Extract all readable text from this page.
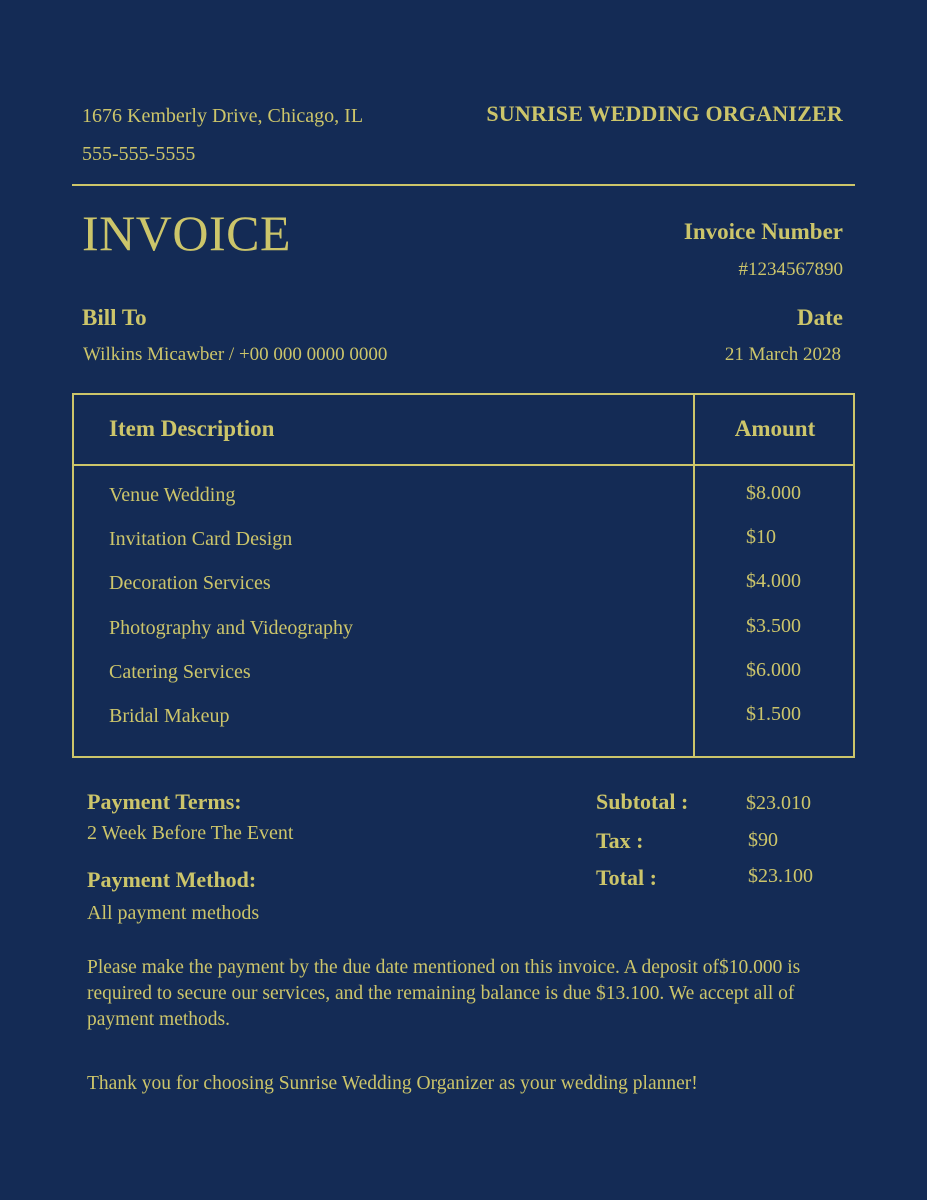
1676 Kemberly Drive, Chicago, IL
555-555-5555
SUNRISE WEDDING ORGANIZER
INVOICE	Invoice Number
#1234567890
Bill To
Wilkins Micawber / +00 000 0000 0000
Date
21 March 2028
Item Description	Amount
Venue Wedding	$8.000
Invitation Card Design	$10
Decoration Services	$4.000
Photography and Videography	$3.500
Catering Services	$6.000
Bridal Makeup	$1.500
Payment Terms:
2 Week Before The Event
Payment Method:
All payment methods
Subtotal :	$23.010
Tax :	$90
Total :	$23.100
Please make the payment by the due date mentioned on this invoice. A deposit of$10.000 is required to secure our services, and the remaining balance is due $13.100. We accept all of payment methods.
Thank you for choosing Sunrise Wedding Organizer as your wedding planner!
